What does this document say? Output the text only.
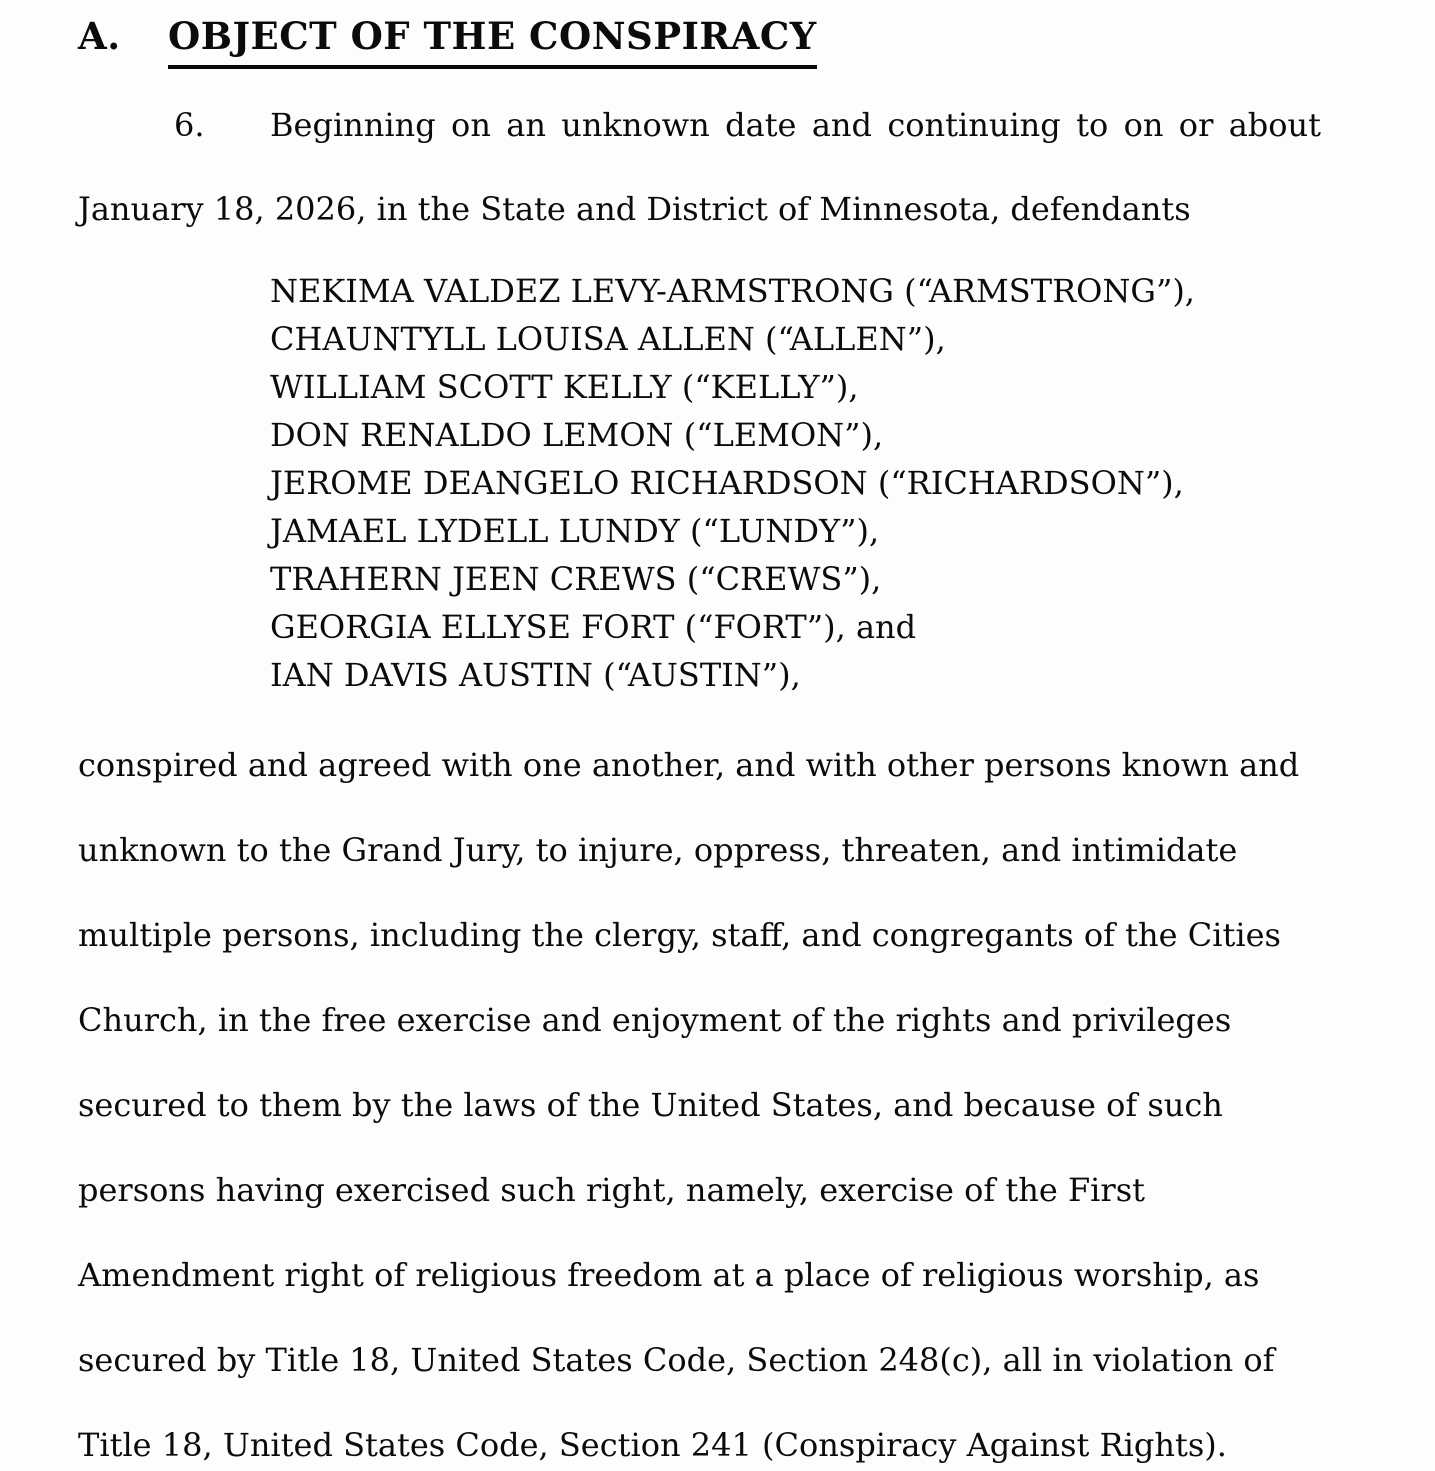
A.	OBJECT OF THE CONSPIRACY
6.	Beginning on an unknown date and continuing to on or about
January 18, 2026, in the State and District of Minnesota, defendants
NEKIMA VALDEZ LEVY-ARMSTRONG (“ARMSTRONG”),
CHAUNTYLL LOUISA ALLEN (“ALLEN”),
WILLIAM SCOTT KELLY (“KELLY”),
DON RENALDO LEMON (“LEMON”),
JEROME DEANGELO RICHARDSON (“RICHARDSON”),
JAMAEL LYDELL LUNDY (“LUNDY”),
TRAHERN JEEN CREWS (“CREWS”),
GEORGIA ELLYSE FORT (“FORT”), and
IAN DAVIS AUSTIN (“AUSTIN”),
conspired and agreed with one another, and with other persons known and
unknown to the Grand Jury, to injure, oppress, threaten, and intimidate
multiple persons, including the clergy, staff, and congregants of the Cities
Church, in the free exercise and enjoyment of the rights and privileges
secured to them by the laws of the United States, and because of such
persons having exercised such right, namely, exercise of the First
Amendment right of religious freedom at a place of religious worship, as
secured by Title 18, United States Code, Section 248(c), all in violation of
Title 18, United States Code, Section 241 (Conspiracy Against Rights).
